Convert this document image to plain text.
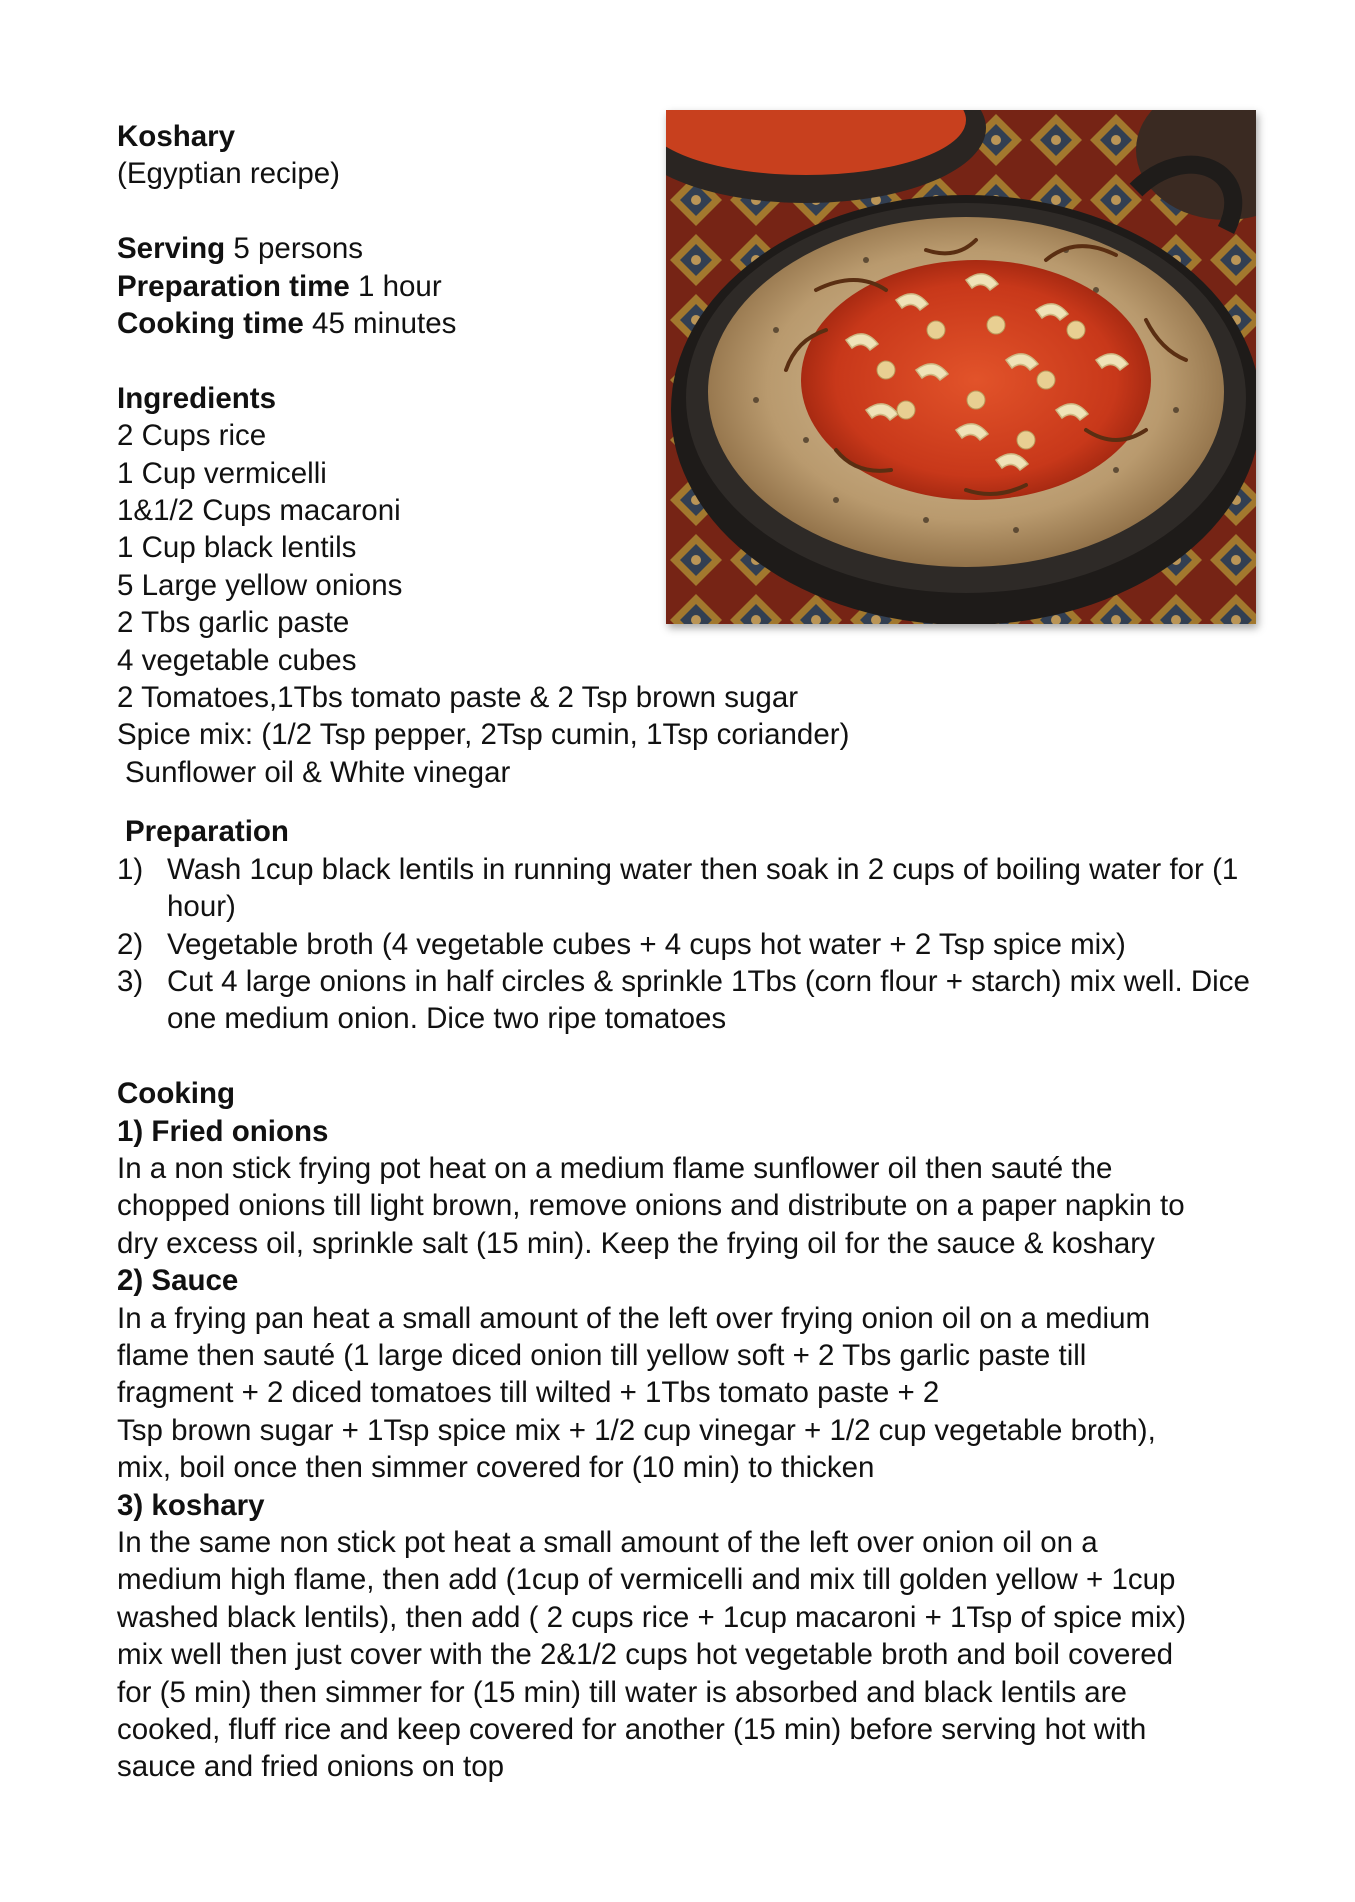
Koshary
(Egyptian recipe)
Serving 5 persons
Preparation time 1 hour
Cooking time 45 minutes
Ingredients
2 Cups rice
1 Cup vermicelli
1&1/2 Cups macaroni
1 Cup black lentils
5 Large yellow onions
2 Tbs garlic paste
4 vegetable cubes
2 Tomatoes,1Tbs tomato paste & 2 Tsp brown sugar
Spice mix: (1/2 Tsp pepper, 2Tsp cumin, 1Tsp coriander)
Sunflower oil & White vinegar
Preparation
1) Wash 1cup black lentils in running water then soak in 2 cups of boiling water for (1 hour)
2) Vegetable broth (4 vegetable cubes + 4 cups hot water + 2 Tsp spice mix)
3) Cut 4 large onions in half circles & sprinkle 1Tbs (corn flour + starch) mix well. Dice one medium onion. Dice two ripe tomatoes
Cooking
1) Fried onions
In a non stick frying pot heat on a medium flame sunflower oil then sauté the
chopped onions till light brown, remove onions and distribute on a paper napkin to
dry excess oil, sprinkle salt (15 min). Keep the frying oil for the sauce & koshary
2) Sauce
In a frying pan heat a small amount of the left over frying onion oil on a medium
flame then sauté (1 large diced onion till yellow soft + 2 Tbs garlic paste till
fragment + 2 diced tomatoes till wilted + 1Tbs tomato paste + 2
Tsp brown sugar + 1Tsp spice mix + 1/2 cup vinegar + 1/2 cup vegetable broth),
mix, boil once then simmer covered for (10 min) to thicken
3) koshary
In the same non stick pot heat a small amount of the left over onion oil on a
medium high flame, then add (1cup of vermicelli and mix till golden yellow + 1cup
washed black lentils), then add ( 2 cups rice + 1cup macaroni + 1Tsp of spice mix)
mix well then just cover with the 2&1/2 cups hot vegetable broth and boil covered
for (5 min) then simmer for (15 min) till water is absorbed and black lentils are
cooked, fluff rice and keep covered for another (15 min) before serving hot with
sauce and fried onions on top
